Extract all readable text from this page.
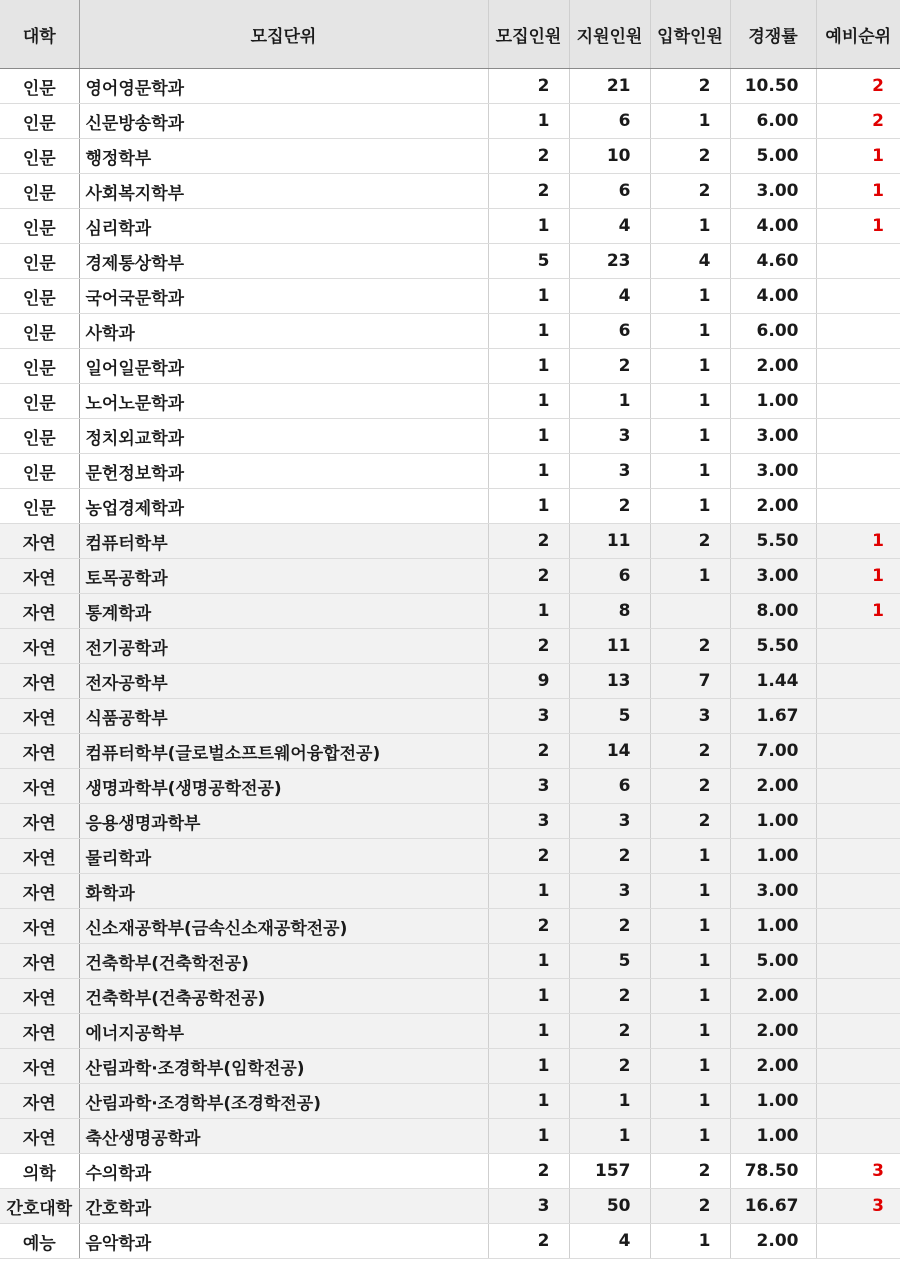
대학	모집단위	모집인원	지원인원	입학인원	경쟁률	예비순위
인문	영어영문학과	2	21	2	10.50	2
인문	신문방송학과	1	6	1	6.00	2
인문	행정학부	2	10	2	5.00	1
인문	사회복지학부	2	6	2	3.00	1
인문	심리학과	1	4	1	4.00	1
인문	경제통상학부	5	23	4	4.60	
인문	국어국문학과	1	4	1	4.00	
인문	사학과	1	6	1	6.00	
인문	일어일문학과	1	2	1	2.00	
인문	노어노문학과	1	1	1	1.00	
인문	정치외교학과	1	3	1	3.00	
인문	문헌정보학과	1	3	1	3.00	
인문	농업경제학과	1	2	1	2.00	
자연	컴퓨터학부	2	11	2	5.50	1
자연	토목공학과	2	6	1	3.00	1
자연	통계학과	1	8		8.00	1
자연	전기공학과	2	11	2	5.50	
자연	전자공학부	9	13	7	1.44	
자연	식품공학부	3	5	3	1.67	
자연	컴퓨터학부(글로벌소프트웨어융합전공)	2	14	2	7.00	
자연	생명과학부(생명공학전공)	3	6	2	2.00	
자연	응용생명과학부	3	3	2	1.00	
자연	물리학과	2	2	1	1.00	
자연	화학과	1	3	1	3.00	
자연	신소재공학부(금속신소재공학전공)	2	2	1	1.00	
자연	건축학부(건축학전공)	1	5	1	5.00	
자연	건축학부(건축공학전공)	1	2	1	2.00	
자연	에너지공학부	1	2	1	2.00	
자연	산림과학·조경학부(임학전공)	1	2	1	2.00	
자연	산림과학·조경학부(조경학전공)	1	1	1	1.00	
자연	축산생명공학과	1	1	1	1.00	
의학	수의학과	2	157	2	78.50	3
간호대학	간호학과	3	50	2	16.67	3
예능	음악학과	2	4	1	2.00	
